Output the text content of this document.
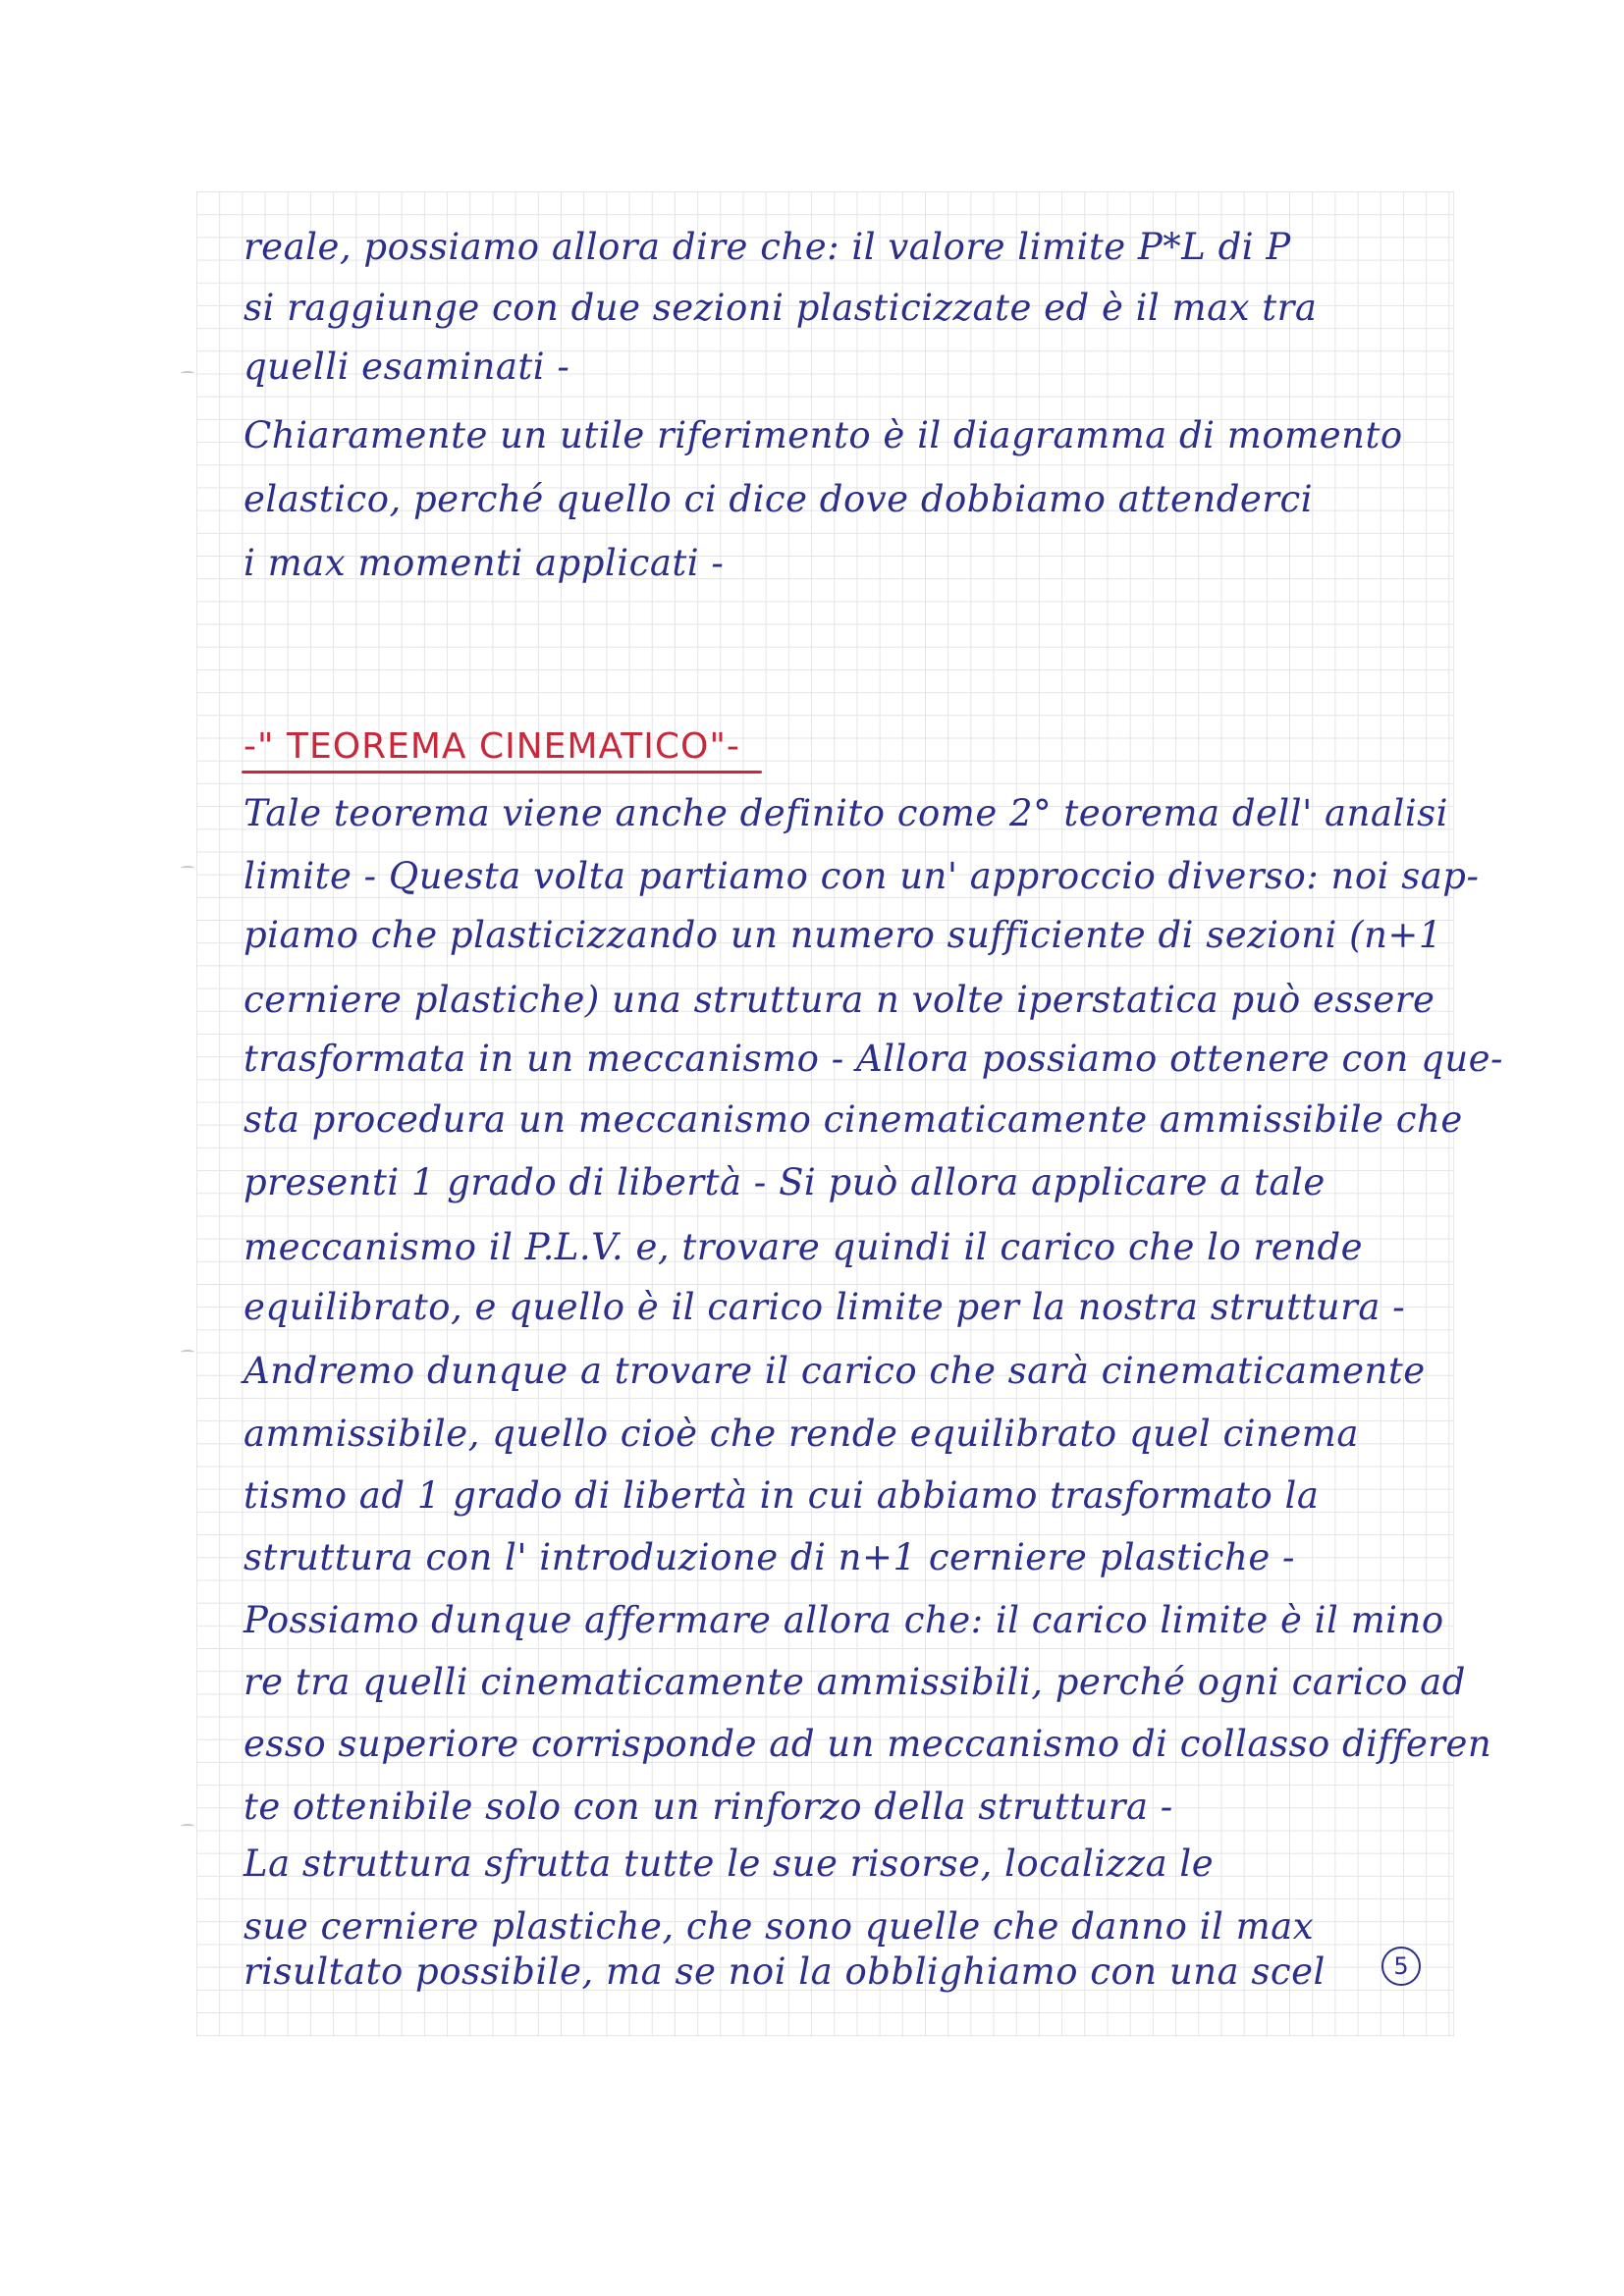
reale, possiamo allora dire che: il valore limite P*L di P
si raggiunge con due sezioni plasticizzate ed è il max tra
quelli esaminati -
Chiaramente un utile riferimento è il diagramma di momento
elastico, perché quello ci dice dove dobbiamo attenderci
i max momenti applicati -
-" TEOREMA CINEMATICO"-
Tale teorema viene anche definito come 2° teorema dell' analisi
limite - Questa volta partiamo con un' approccio diverso: noi sap-
piamo che plasticizzando un numero sufficiente di sezioni (n+1
cerniere plastiche) una struttura n volte iperstatica può essere
trasformata in un meccanismo - Allora possiamo ottenere con que-
sta procedura un meccanismo cinematicamente ammissibile che
presenti 1 grado di libertà - Si può allora applicare a tale
meccanismo il P.L.V. e, trovare quindi il carico che lo rende
equilibrato, e quello è il carico limite per la nostra struttura -
Andremo dunque a trovare il carico che sarà cinematicamente
ammissibile, quello cioè che rende equilibrato quel cinema
tismo ad 1 grado di libertà in cui abbiamo trasformato la
struttura con l' introduzione di n+1 cerniere plastiche -
Possiamo dunque affermare allora che: il carico limite è il mino
re tra quelli cinematicamente ammissibili, perché ogni carico ad
esso superiore corrisponde ad un meccanismo di collasso differen
te ottenibile solo con un rinforzo della struttura -
La struttura sfrutta tutte le sue risorse, localizza le
sue cerniere plastiche, che sono quelle che danno il max
risultato possibile, ma se noi la obblighiamo con una scel	5
